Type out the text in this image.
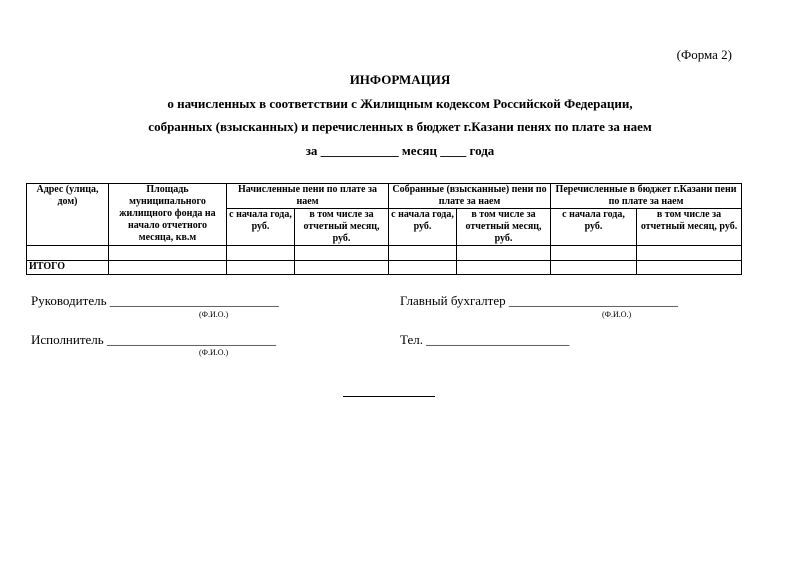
(Форма 2)
ИНФОРМАЦИЯ
о начисленных в соответствии с Жилищным кодексом Российской Федерации,
собранных (взысканных) и перечисленных в бюджет г.Казани пенях по плате за наем
за ____________ месяц ____ года
Адрес (улица, дом)	Площадь муниципального жилищного фонда на начало отчетного месяца, кв.м	Начисленные пени по плате за наем		Собранные (взысканные) пени по плате за наем		Перечисленные в бюджет г.Казани пени по плате за наем	
		с начала года, руб.	в том числе за отчетный месяц, руб.	с начала года, руб.	в том числе за отчетный месяц, руб.	с начала года, руб.	в том числе за отчетный месяц, руб.

ИТОГО							
Руководитель __________________________
(Ф.И.О.)
Главный бухгалтер __________________________
(Ф.И.О.)
Исполнитель __________________________
(Ф.И.О.)
Тел. ______________________
